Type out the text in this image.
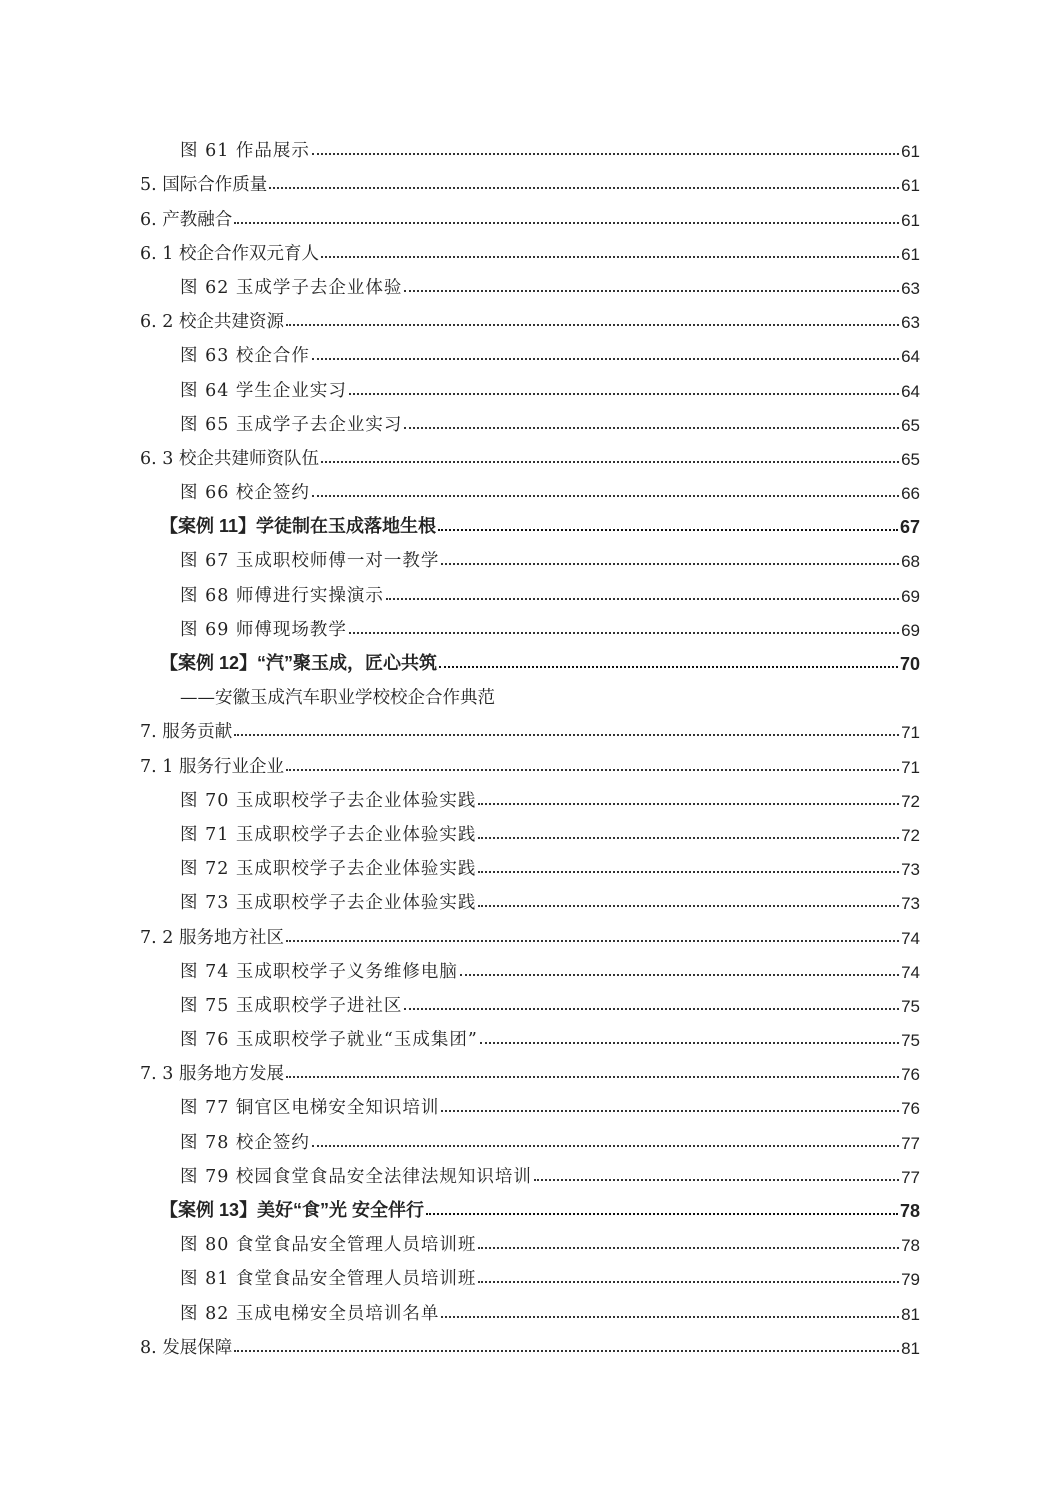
图 61 作品展示	61
5. 国际合作质量	61
6. 产教融合	61
6. 1 校企合作双元育人	61
图 62 玉成学子去企业体验	63
6. 2 校企共建资源	63
图 63 校企合作	64
图 64 学生企业实习	64
图 65 玉成学子去企业实习	65
6. 3 校企共建师资队伍	65
图 66 校企签约	66
【案例 11】学徒制在玉成落地生根	67
图 67 玉成职校师傅一对一教学	68
图 68 师傅进行实操演示	69
图 69 师傅现场教学	69
【案例 12】“汽”聚玉成，匠心共筑	70
——安徽玉成汽车职业学校校企合作典范
7. 服务贡献	71
7. 1 服务行业企业	71
图 70 玉成职校学子去企业体验实践	72
图 71 玉成职校学子去企业体验实践	72
图 72 玉成职校学子去企业体验实践	73
图 73 玉成职校学子去企业体验实践	73
7. 2 服务地方社区	74
图 74 玉成职校学子义务维修电脑	74
图 75 玉成职校学子进社区	75
图 76 玉成职校学子就业“玉成集团”	75
7. 3 服务地方发展	76
图 77 铜官区电梯安全知识培训	76
图 78 校企签约	77
图 79 校园食堂食品安全法律法规知识培训	77
【案例 13】美好“食”光 安全伴行	78
图 80 食堂食品安全管理人员培训班	78
图 81 食堂食品安全管理人员培训班	79
图 82 玉成电梯安全员培训名单	81
8. 发展保障	81
